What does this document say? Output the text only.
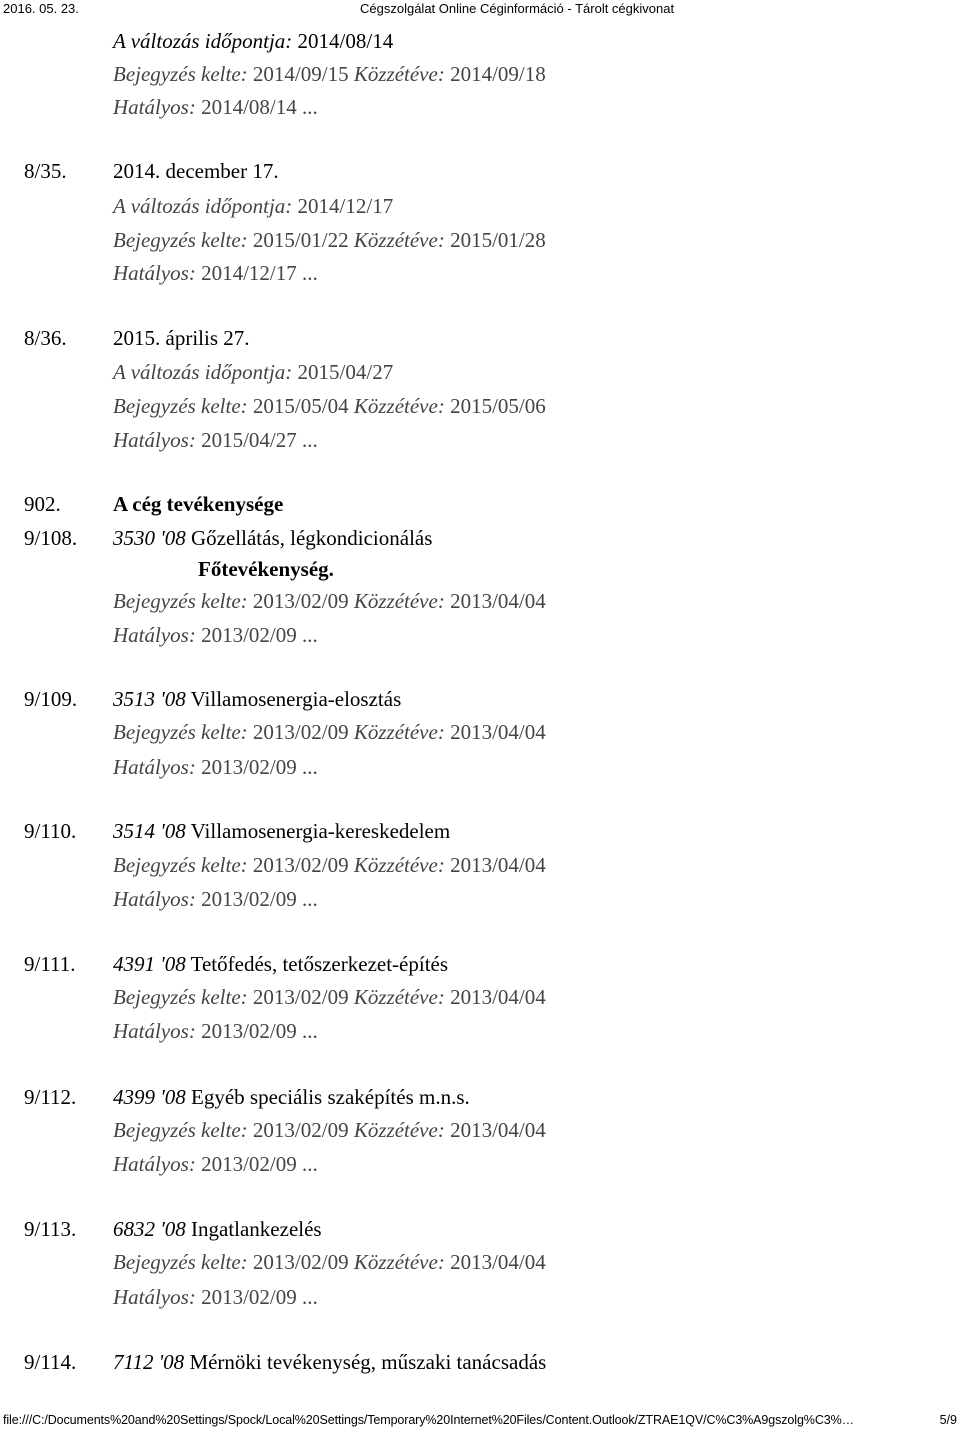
2016. 05. 23.	Cégszolgálat Online Céginformáció - Tárolt cégkivonat
A változás időpontja: 2014/08/14
Bejegyzés kelte: 2014/09/15 Közzétéve: 2014/09/18
Hatályos: 2014/08/14 ...
8/35. 2014. december 17.
A változás időpontja: 2014/12/17
Bejegyzés kelte: 2015/01/22 Közzétéve: 2015/01/28
Hatályos: 2014/12/17 ...
8/36. 2015. április 27.
A változás időpontja: 2015/04/27
Bejegyzés kelte: 2015/05/04 Közzétéve: 2015/05/06
Hatályos: 2015/04/27 ...
902. A cég tevékenysége
9/108. 3530 '08 Gőzellátás, légkondicionálás
Főtevékenység.
Bejegyzés kelte: 2013/02/09 Közzétéve: 2013/04/04
Hatályos: 2013/02/09 ...
9/109. 3513 '08 Villamosenergia-elosztás
Bejegyzés kelte: 2013/02/09 Közzétéve: 2013/04/04
Hatályos: 2013/02/09 ...
9/110. 3514 '08 Villamosenergia-kereskedelem
Bejegyzés kelte: 2013/02/09 Közzétéve: 2013/04/04
Hatályos: 2013/02/09 ...
9/111. 4391 '08 Tetőfedés, tetőszerkezet-építés
Bejegyzés kelte: 2013/02/09 Közzétéve: 2013/04/04
Hatályos: 2013/02/09 ...
9/112. 4399 '08 Egyéb speciális szaképítés m.n.s.
Bejegyzés kelte: 2013/02/09 Közzétéve: 2013/04/04
Hatályos: 2013/02/09 ...
9/113. 6832 '08 Ingatlankezelés
Bejegyzés kelte: 2013/02/09 Közzétéve: 2013/04/04
Hatályos: 2013/02/09 ...
9/114. 7112 '08 Mérnöki tevékenység, műszaki tanácsadás
file:///C:/Documents%20and%20Settings/Spock/Local%20Settings/Temporary%20Internet%20Files/Content.Outlook/ZTRAE1QV/C%C3%A9gszolg%C3%…	5/9
